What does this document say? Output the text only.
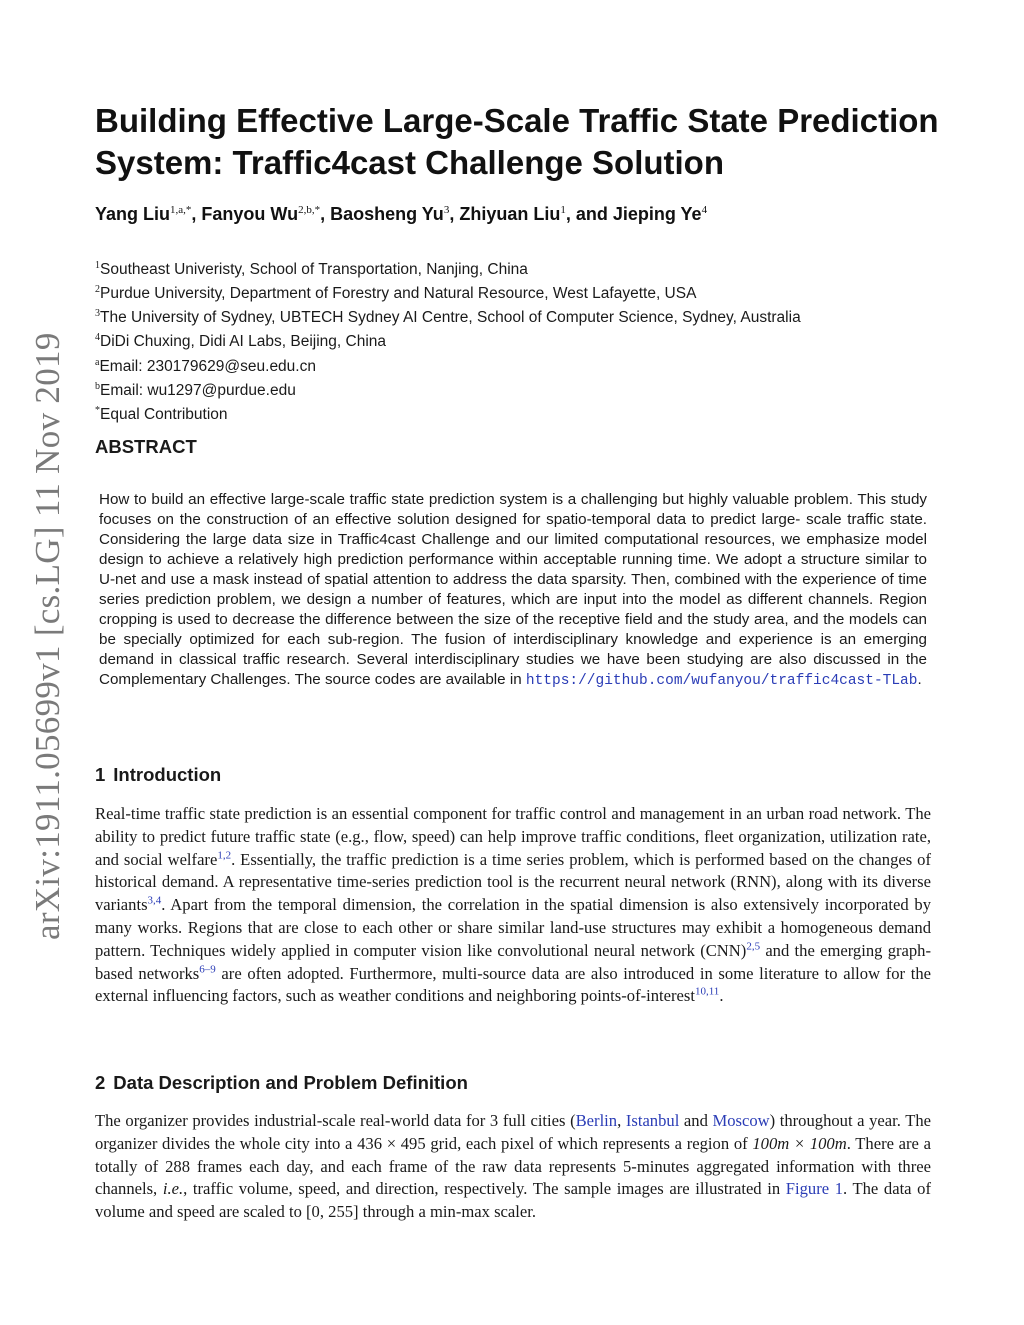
arXiv:1911.05699v1 [cs.LG] 11 Nov 2019
Building Effective Large-Scale Traffic State Prediction System: Traffic4cast Challenge Solution
Yang Liu$^{1,a,*}$, Fanyou $Wu^{2,b,*}$, Baosheng Yu$^3$, Zhiyuan Liu$^1$, and Jieping Ye$^4$
$^1$Southeast Univeristy, School of Transportation, Nanjing, China
$^2$Purdue University, Department of Forestry and Natural Resource, West Lafayette, USA
$^3$The University of Sydney, UBTECH Sydney AI Centre, School of Computer Science, Sydney, Australia
$^4$DiDi Chuxing, Didi AI Labs, Beijing, China
$^a$Email: 230179629@seu.edu.cn
$^b$Email: wu1297@purdue.edu
*Equal Contribution
ABSTRACT
How to build an effective large-scale traffic state prediction system is a challenging but highly valuable problem. This study focuses on the construction of an effective solution designed for spatio-temporal data to predict large- scale traffic state. Considering the large data size in Traffic4cast Challenge and our limited computational resources, we emphasize model design to achieve a relatively high prediction performance within acceptable running time. We adopt a structure similar to U-net and use a mask instead of spatial attention to address the data sparsity. Then, combined with the experience of time series prediction problem, we design a number of features, which are input into the model as different channels. Region cropping is used to decrease the difference between the size of the receptive field and the study area, and the models can be specially optimized for each sub-region. The fusion of interdisciplinary knowledge and experience is an emerging demand in classical traffic research. Several interdisciplinary studies we have been studying are also discussed in the Complementary Challenges. The source codes are available in https://github.com/wufanyou/traffic4cast-TLab.
1 Introduction
Real-time traffic state prediction is an essential component for traffic control and management in an urban road network. The ability to predict future traffic state (e.g., flow, speed) can help improve traffic conditions, fleet organization, utilization rate, and social welfare$^{1,2}$. Essentially, the traffic prediction is a time series problem, which is performed based on the changes of historical demand. A representative time-series prediction tool is the recurrent neural network (RNN), along with its diverse variants$^{3,4}$. Apart from the temporal dimension, the correlation in the spatial dimension is also extensively incorporated by many works. Regions that are close to each other or share similar land-use structures may exhibit a homogeneous demand pattern. Techniques widely applied in computer vision like convolutional neural network (CNN)$^{2,5}$ and the emerging graph-based networks$^{6-9}$ are often adopted. Furthermore, multi-source data are also introduced in some literature to allow for the external influencing factors, such as weather conditions and neighboring points-of-interest$^{10,11}$.
2 Data Description and Problem Definition
The organizer provides industrial-scale real-world data for 3 full cities (Berlin, Istanbul and Moscow) throughout a year. The organizer divides the whole city into a 436 × 495 grid, each pixel of which represents a region of 100m × 100m. There are a totally of 288 frames each day, and each frame of the raw data represents 5-minutes aggregated information with three channels, i.e., traffic volume, speed, and direction, respectively. The sample images are illustrated in Figure 1. The data of volume and speed are scaled to [0, 255] through a min-max scaler.
